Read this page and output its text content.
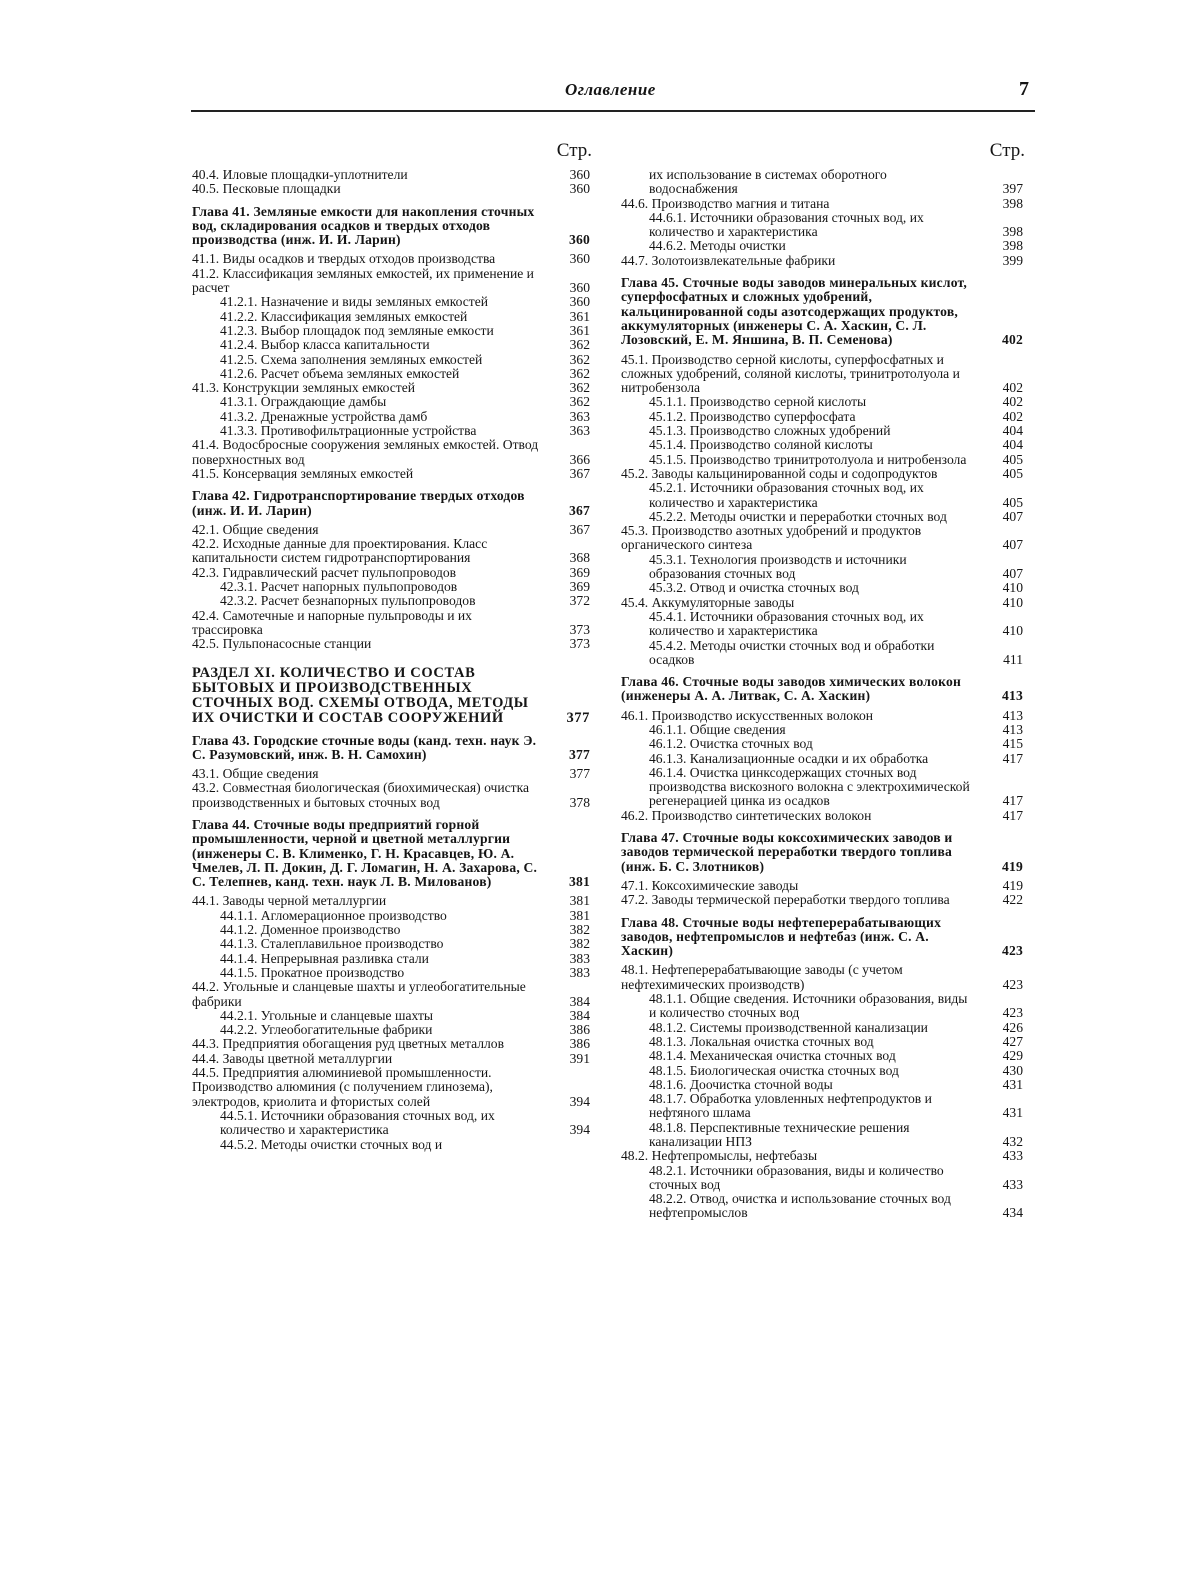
Оглавление	7
Стр.
40.4. Иловые площадки-уплотнители	360
40.5. Песковые площадки	360
Глава 41. Земляные емкости для накопления сточных вод, складирования осадков и твердых отходов производства (инж. И. И. Ларин)	360
41.1. Виды осадков и твердых отходов производства	360
41.2. Классификация земляных емкостей, их применение и расчет	360
41.2.1. Назначение и виды земляных емкостей	360
41.2.2. Классификация земляных емкостей	361
41.2.3. Выбор площадок под земляные емкости	361
41.2.4. Выбор класса капитальности	362
41.2.5. Схема заполнения земляных емкостей	362
41.2.6. Расчет объема земляных емкостей	362
41.3. Конструкции земляных емкостей	362
41.3.1. Ограждающие дамбы	362
41.3.2. Дренажные устройства дамб	363
41.3.3. Противофильтрационные устройства	363
41.4. Водосбросные сооружения земляных емкостей. Отвод поверхностных вод	366
41.5. Консервация земляных емкостей	367
Глава 42. Гидротранспортирование твердых отходов (инж. И. И. Ларин)	367
42.1. Общие сведения	367
42.2. Исходные данные для проектирования. Класс капитальности систем гидротранспортирования	368
42.3. Гидравлический расчет пульпопроводов	369
42.3.1. Расчет напорных пульпопроводов	369
42.3.2. Расчет безнапорных пульпопроводов	372
42.4. Самотечные и напорные пульпроводы и их трассировка	373
42.5. Пульпонасосные станции	373
РАЗДЕЛ XI. КОЛИЧЕСТВО И СОСТАВ БЫТОВЫХ И ПРОИЗВОДСТВЕННЫХ СТОЧНЫХ ВОД. СХЕМЫ ОТВОДА, МЕТОДЫ ИХ ОЧИСТКИ И СОСТАВ СООРУЖЕНИЙ	377
Глава 43. Городские сточные воды (канд. техн. наук Э. С. Разумовский, инж. В. Н. Самохин)	377
43.1. Общие сведения	377
43.2. Совместная биологическая (биохимическая) очистка производственных и бытовых сточных вод	378
Глава 44. Сточные воды предприятий горной промышленности, черной и цветной металлургии (инженеры С. В. Клименко, Г. Н. Красавцев, Ю. А. Чмелев, Л. П. Докин, Д. Г. Ломагин, Н. А. Захарова, С. С. Телепнев, канд. техн. наук Л. В. Милованов)	381
44.1. Заводы черной металлургии	381
44.1.1. Агломерационное производство	381
44.1.2. Доменное производство	382
44.1.3. Сталеплавильное производство	382
44.1.4. Непрерывная разливка стали	383
44.1.5. Прокатное производство	383
44.2. Угольные и сланцевые шахты и углеобогатительные фабрики	384
44.2.1. Угольные и сланцевые шахты	384
44.2.2. Углеобогатительные фабрики	386
44.3. Предприятия обогащения руд цветных металлов	386
44.4. Заводы цветной металлургии	391
44.5. Предприятия алюминиевой промышленности. Производство алюминия (с получением глинозема), электродов, криолита и фтористых солей	394
44.5.1. Источники образования сточных вод, их количество и характеристика	394
44.5.2. Методы очистки сточных вод и
Стр.
их использование в системах оборотного водоснабжения	397
44.6. Производство магния и титана	398
44.6.1. Источники образования сточных вод, их количество и характеристика	398
44.6.2. Методы очистки	398
44.7. Золотоизвлекательные фабрики	399
Глава 45. Сточные воды заводов минеральных кислот, суперфосфатных и сложных удобрений, кальцинированной соды азотсодержащих продуктов, аккумуляторных (инженеры С. А. Хаскин, С. Л. Лозовский, Е. М. Яншина, В. П. Семенова)	402
45.1. Производство серной кислоты, суперфосфатных и сложных удобрений, соляной кислоты, тринитротолуола и нитробензола	402
45.1.1. Производство серной кислоты	402
45.1.2. Производство суперфосфата	402
45.1.3. Производство сложных удобрений	404
45.1.4. Производство соляной кислоты	404
45.1.5. Производство тринитротолуола и нитробензола	405
45.2. Заводы кальцинированной соды и содопродуктов	405
45.2.1. Источники образования сточных вод, их количество и характеристика	405
45.2.2. Методы очистки и переработки сточных вод	407
45.3. Производство азотных удобрений и продуктов органического синтеза	407
45.3.1. Технология производств и источники образования сточных вод	407
45.3.2. Отвод и очистка сточных вод	410
45.4. Аккумуляторные заводы	410
45.4.1. Источники образования сточных вод, их количество и характеристика	410
45.4.2. Методы очистки сточных вод и обработки осадков	411
Глава 46. Сточные воды заводов химических волокон (инженеры А. А. Литвак, С. А. Хаскин)	413
46.1. Производство искусственных волокон	413
46.1.1. Общие сведения	413
46.1.2. Очистка сточных вод	415
46.1.3. Канализационные осадки и их обработка	417
46.1.4. Очистка цинксодержащих сточных вод производства вискозного волокна с электрохимической регенерацией цинка из осадков	417
46.2. Производство синтетических волокон	417
Глава 47. Сточные воды коксохимических заводов и заводов термической переработки твердого топлива (инж. Б. С. Злотников)	419
47.1. Коксохимические заводы	419
47.2. Заводы термической переработки твердого топлива	422
Глава 48. Сточные воды нефтеперерабатывающих заводов, нефтепромыслов и нефтебаз (инж. С. А. Хаскин)	423
48.1. Нефтеперерабатывающие заводы (с учетом нефтехимических производств)	423
48.1.1. Общие сведения. Источники образования, виды и количество сточных вод	423
48.1.2. Системы производственной канализации	426
48.1.3. Локальная очистка сточных вод	427
48.1.4. Механическая очистка сточных вод	429
48.1.5. Биологическая очистка сточных вод	430
48.1.6. Доочистка сточной воды	431
48.1.7. Обработка уловленных нефтепродуктов и нефтяного шлама	431
48.1.8. Перспективные технические решения канализации НПЗ	432
48.2. Нефтепромыслы, нефтебазы	433
48.2.1. Источники образования, виды и количество сточных вод	433
48.2.2. Отвод, очистка и использование сточных вод нефтепромыслов	434
